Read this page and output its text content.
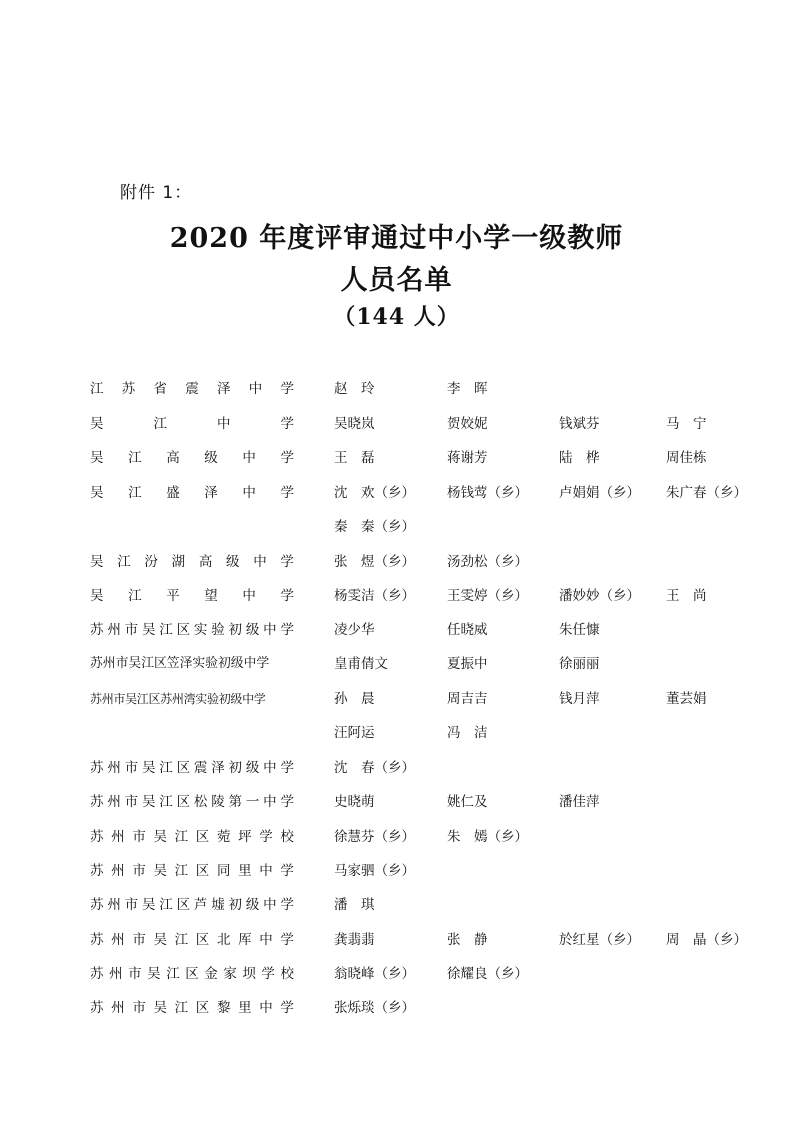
附件 1：
2020 年度评审通过中小学一级教师
人员名单
（144 人）
江 苏 省 震 泽 中 学	赵　玲	李　晖
吴	江	中	学	吴晓岚	贺姣妮	钱斌芬	马　宁
吴 江 高 级 中 学	王　磊	蒋谢芳	陆　桦	周佳栋
吴 江 盛 泽 中 学	沈　欢（乡） 杨钱莺（乡） 卢娟娟（乡） 朱广春（乡）
秦　秦（乡）
吴 江 汾 湖 高 级 中 学	张　煜（乡） 汤劲松（乡）
吴 江 平 望 中 学	杨雯洁（乡） 王雯婷（乡） 潘妙妙（乡） 王　尚
苏 州 市 吴 江 区 实 验 初 级 中 学	凌少华	任晓威	朱任慷
苏州市吴江区笠泽实验初级中学	皇甫倩文	夏振中	徐丽丽
苏州市吴江区苏州湾实验初级中学	孙　晨	周吉吉	钱月萍	董芸娟
汪阿运	冯　洁
苏 州 市 吴 江 区 震 泽 初 级 中 学	沈　春（乡）
苏 州 市 吴 江 区 松 陵 第 一 中 学	史晓萌	姚仁及	潘佳萍
苏 州 市 吴 江 区 菀 坪 学 校	徐慧芬（乡） 朱　嫣（乡）
苏 州 市 吴 江 区 同 里 中 学	马家驷（乡）
苏 州 市 吴 江 区 芦 墟 初 级 中 学	潘　琪
苏 州 市 吴 江 区 北 厍 中 学	龚翡翡	张　静	於红星（乡） 周　晶（乡）
苏 州 市 吴 江 区 金 家 坝 学 校	翁晓峰（乡） 徐耀良（乡）
苏 州 市 吴 江 区 黎 里 中 学	张烁琰（乡）
